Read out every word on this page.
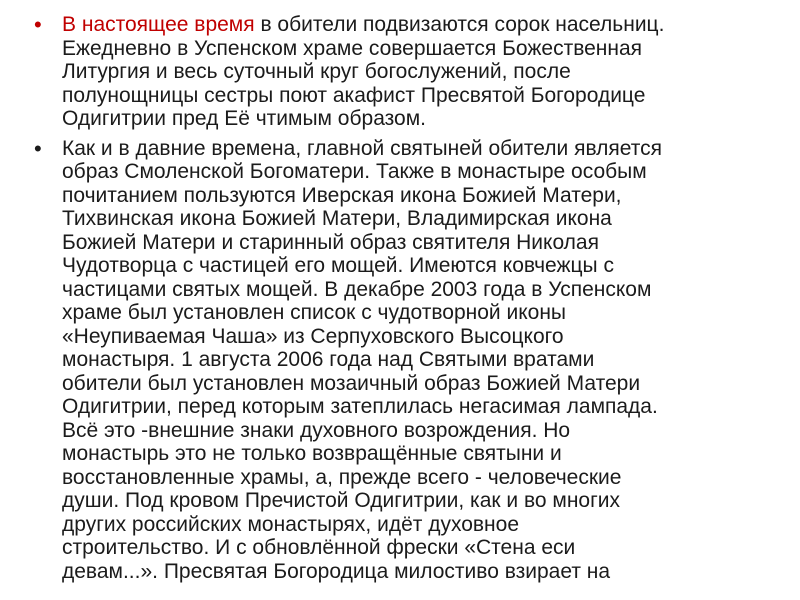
• В настоящее время в обители подвизаются сорок насельниц.
Ежедневно в Успенском храме совершается Божественная
Литургия и весь суточный круг богослужений, после
полунощницы сестры поют акафист Пресвятой Богородице
Одигитрии пред Её чтимым образом.
• Как и в давние времена, главной святыней обители является
образ Смоленской Богоматери. Также в монастыре особым
почитанием пользуются Иверская икона Божией Матери,
Тихвинская икона Божией Матери, Владимирская икона
Божией Матери и старинный образ святителя Николая
Чудотворца с частицей его мощей. Имеются ковчежцы с
частицами святых мощей. В декабре 2003 года в Успенском
храме был установлен список с чудотворной иконы
«Неупиваемая Чаша» из Серпуховского Высоцкого
монастыря. 1 августа 2006 года над Святыми вратами
обители был установлен мозаичный образ Божией Матери
Одигитрии, перед которым затеплилась негасимая лампада.
Всё это -внешние знаки духовного возрождения. Но
монастырь это не только возвращённые святыни и
восстановленные храмы, а, прежде всего - человеческие
души. Под кровом Пречистой Одигитрии, как и во многих
других российских монастырях, идёт духовное
строительство. И с обновлённой фрески «Стена еси
девам...». Пресвятая Богородица милостиво взирает на
